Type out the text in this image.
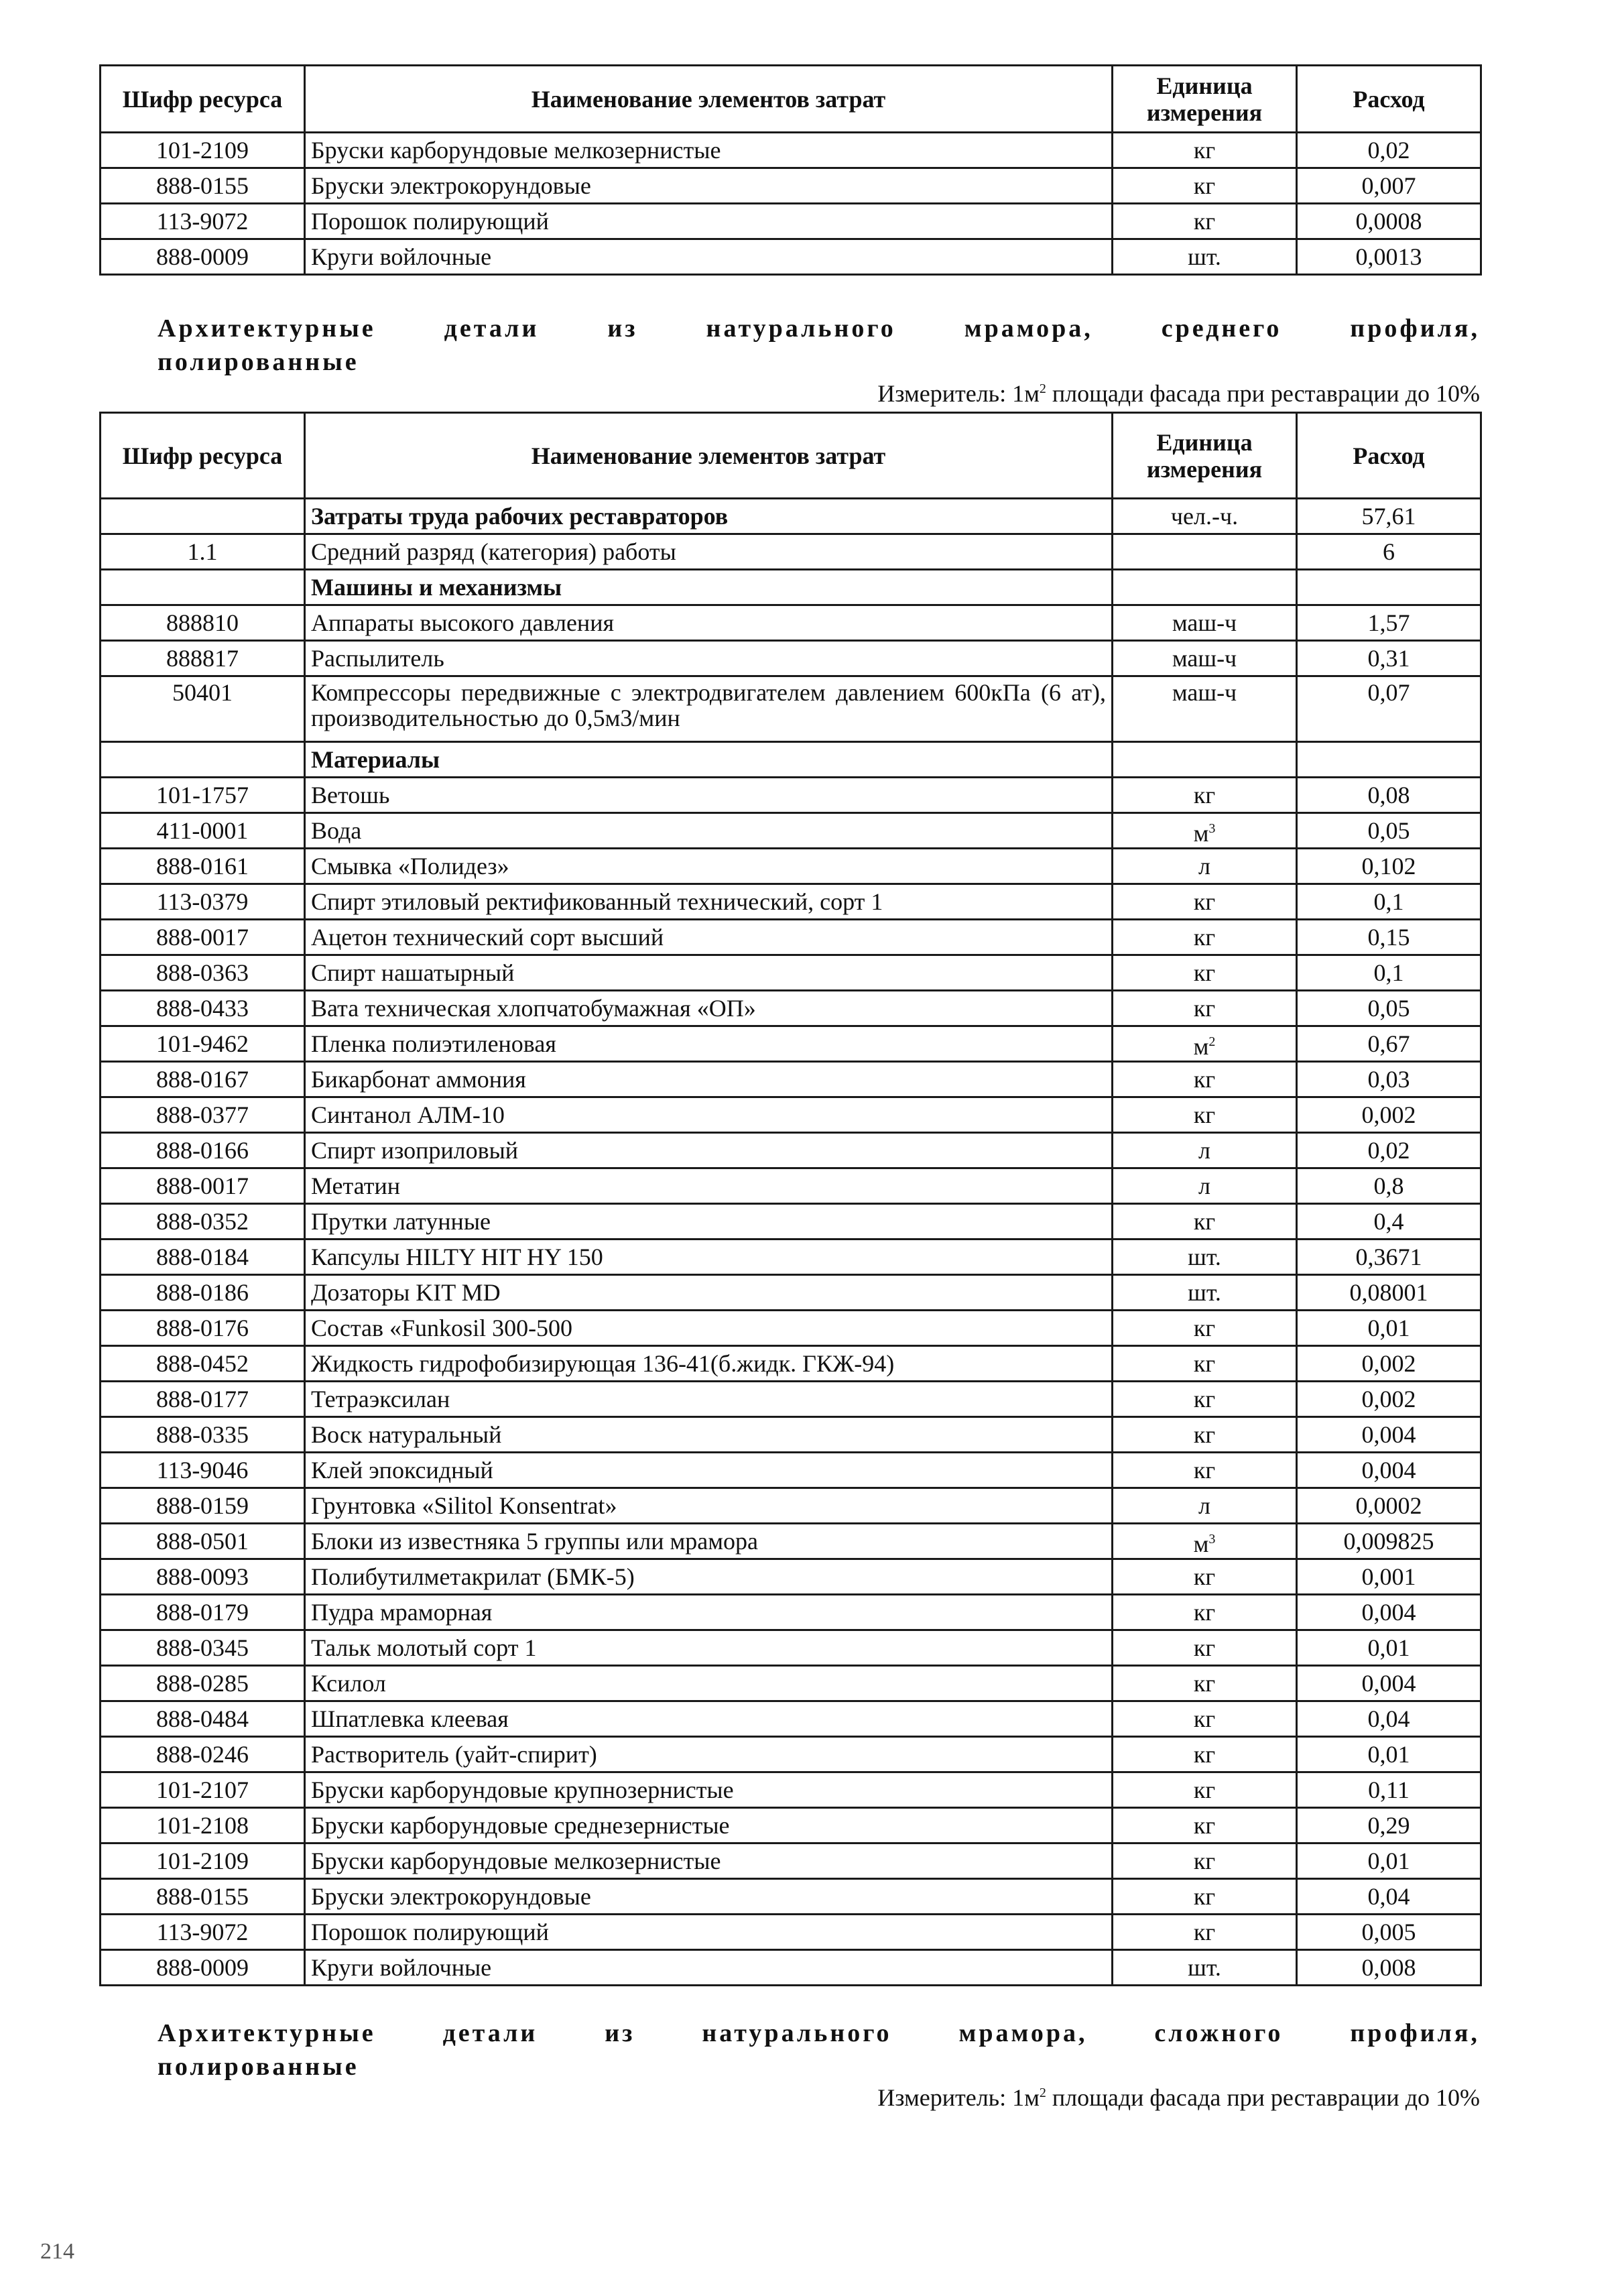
Шифр ресурса	Наименование элементов затрат	Единица измерения	Расход
101-2109	Бруски карборундовые мелкозернистые	кг	0,02
888-0155	Бруски электрокорундовые	кг	0,007
113-9072	Порошок полирующий	кг	0,0008
888-0009	Круги войлочные	шт.	0,0013
Архитектурные	детали	из	натурального	мрамора,	среднего	профиля,
полированные
Измеритель: $1м^2$ площади фасада при реставрации до 10%
Шифр ресурса	Наименование элементов затрат	Единица измерения	Расход
	Затраты труда рабочих реставраторов	чел.-ч.	57,61
1.1	Средний разряд (категория) работы		6
	Машины и механизмы		
888810	Аппараты высокого давления	маш-ч	1,57
888817	Распылитель	маш-ч	0,31
50401	Компрессоры передвижные с электродвигателем давлением 600кПа (6 ат), производительностью до 0,5м3/мин	маш-ч	0,07
	Материалы		
101-1757	Ветошь	кг	0,08
411-0001	Вода	$м^3$	0,05
888-0161	Смывка «Полидез»	л	0,102
113-0379	Спирт этиловый ректификованный технический, сорт 1	кг	0,1
888-0017	Ацетон технический сорт высший	кг	0,15
888-0363	Спирт нашатырный	кг	0,1
888-0433	Вата техническая хлопчатобумажная «ОП»	кг	0,05
101-9462	Пленка полиэтиленовая	$м^2$	0,67
888-0167	Бикарбонат аммония	кг	0,03
888-0377	Синтанол АЛМ-10	кг	0,002
888-0166	Спирт изоприловый	л	0,02
888-0017	Метатин	л	0,8
888-0352	Прутки латунные	кг	0,4
888-0184	Капсулы HILTY HIT HY 150	шт.	0,3671
888-0186	Дозаторы KIT MD	шт.	0,08001
888-0176	Состав «Funkosil 300-500	кг	0,01
888-0452	Жидкость гидрофобизирующая 136-41(б.жидк. ГКЖ-94)	кг	0,002
888-0177	Тетраэксилан	кг	0,002
888-0335	Воск натуральный	кг	0,004
113-9046	Клей эпоксидный	кг	0,004
888-0159	Грунтовка «Silitol Konsentrat»	л	0,0002
888-0501	Блоки из известняка 5 группы или мрамора	$м^3$	0,009825
888-0093	Полибутилметакрилат (БМК-5)	кг	0,001
888-0179	Пудра мраморная	кг	0,004
888-0345	Тальк молотый сорт 1	кг	0,01
888-0285	Ксилол	кг	0,004
888-0484	Шпатлевка клеевая	кг	0,04
888-0246	Растворитель (уайт-спирит)	кг	0,01
101-2107	Бруски карборундовые крупнозернистые	кг	0,11
101-2108	Бруски карборундовые среднезернистые	кг	0,29
101-2109	Бруски карборундовые мелкозернистые	кг	0,01
888-0155	Бруски электрокорундовые	кг	0,04
113-9072	Порошок полирующий	кг	0,005
888-0009	Круги войлочные	шт.	0,008
Архитектурные	детали	из	натурального	мрамора,	сложного	профиля,
полированные
Измеритель: $1м^2$ площади фасада при реставрации до 10%
214
